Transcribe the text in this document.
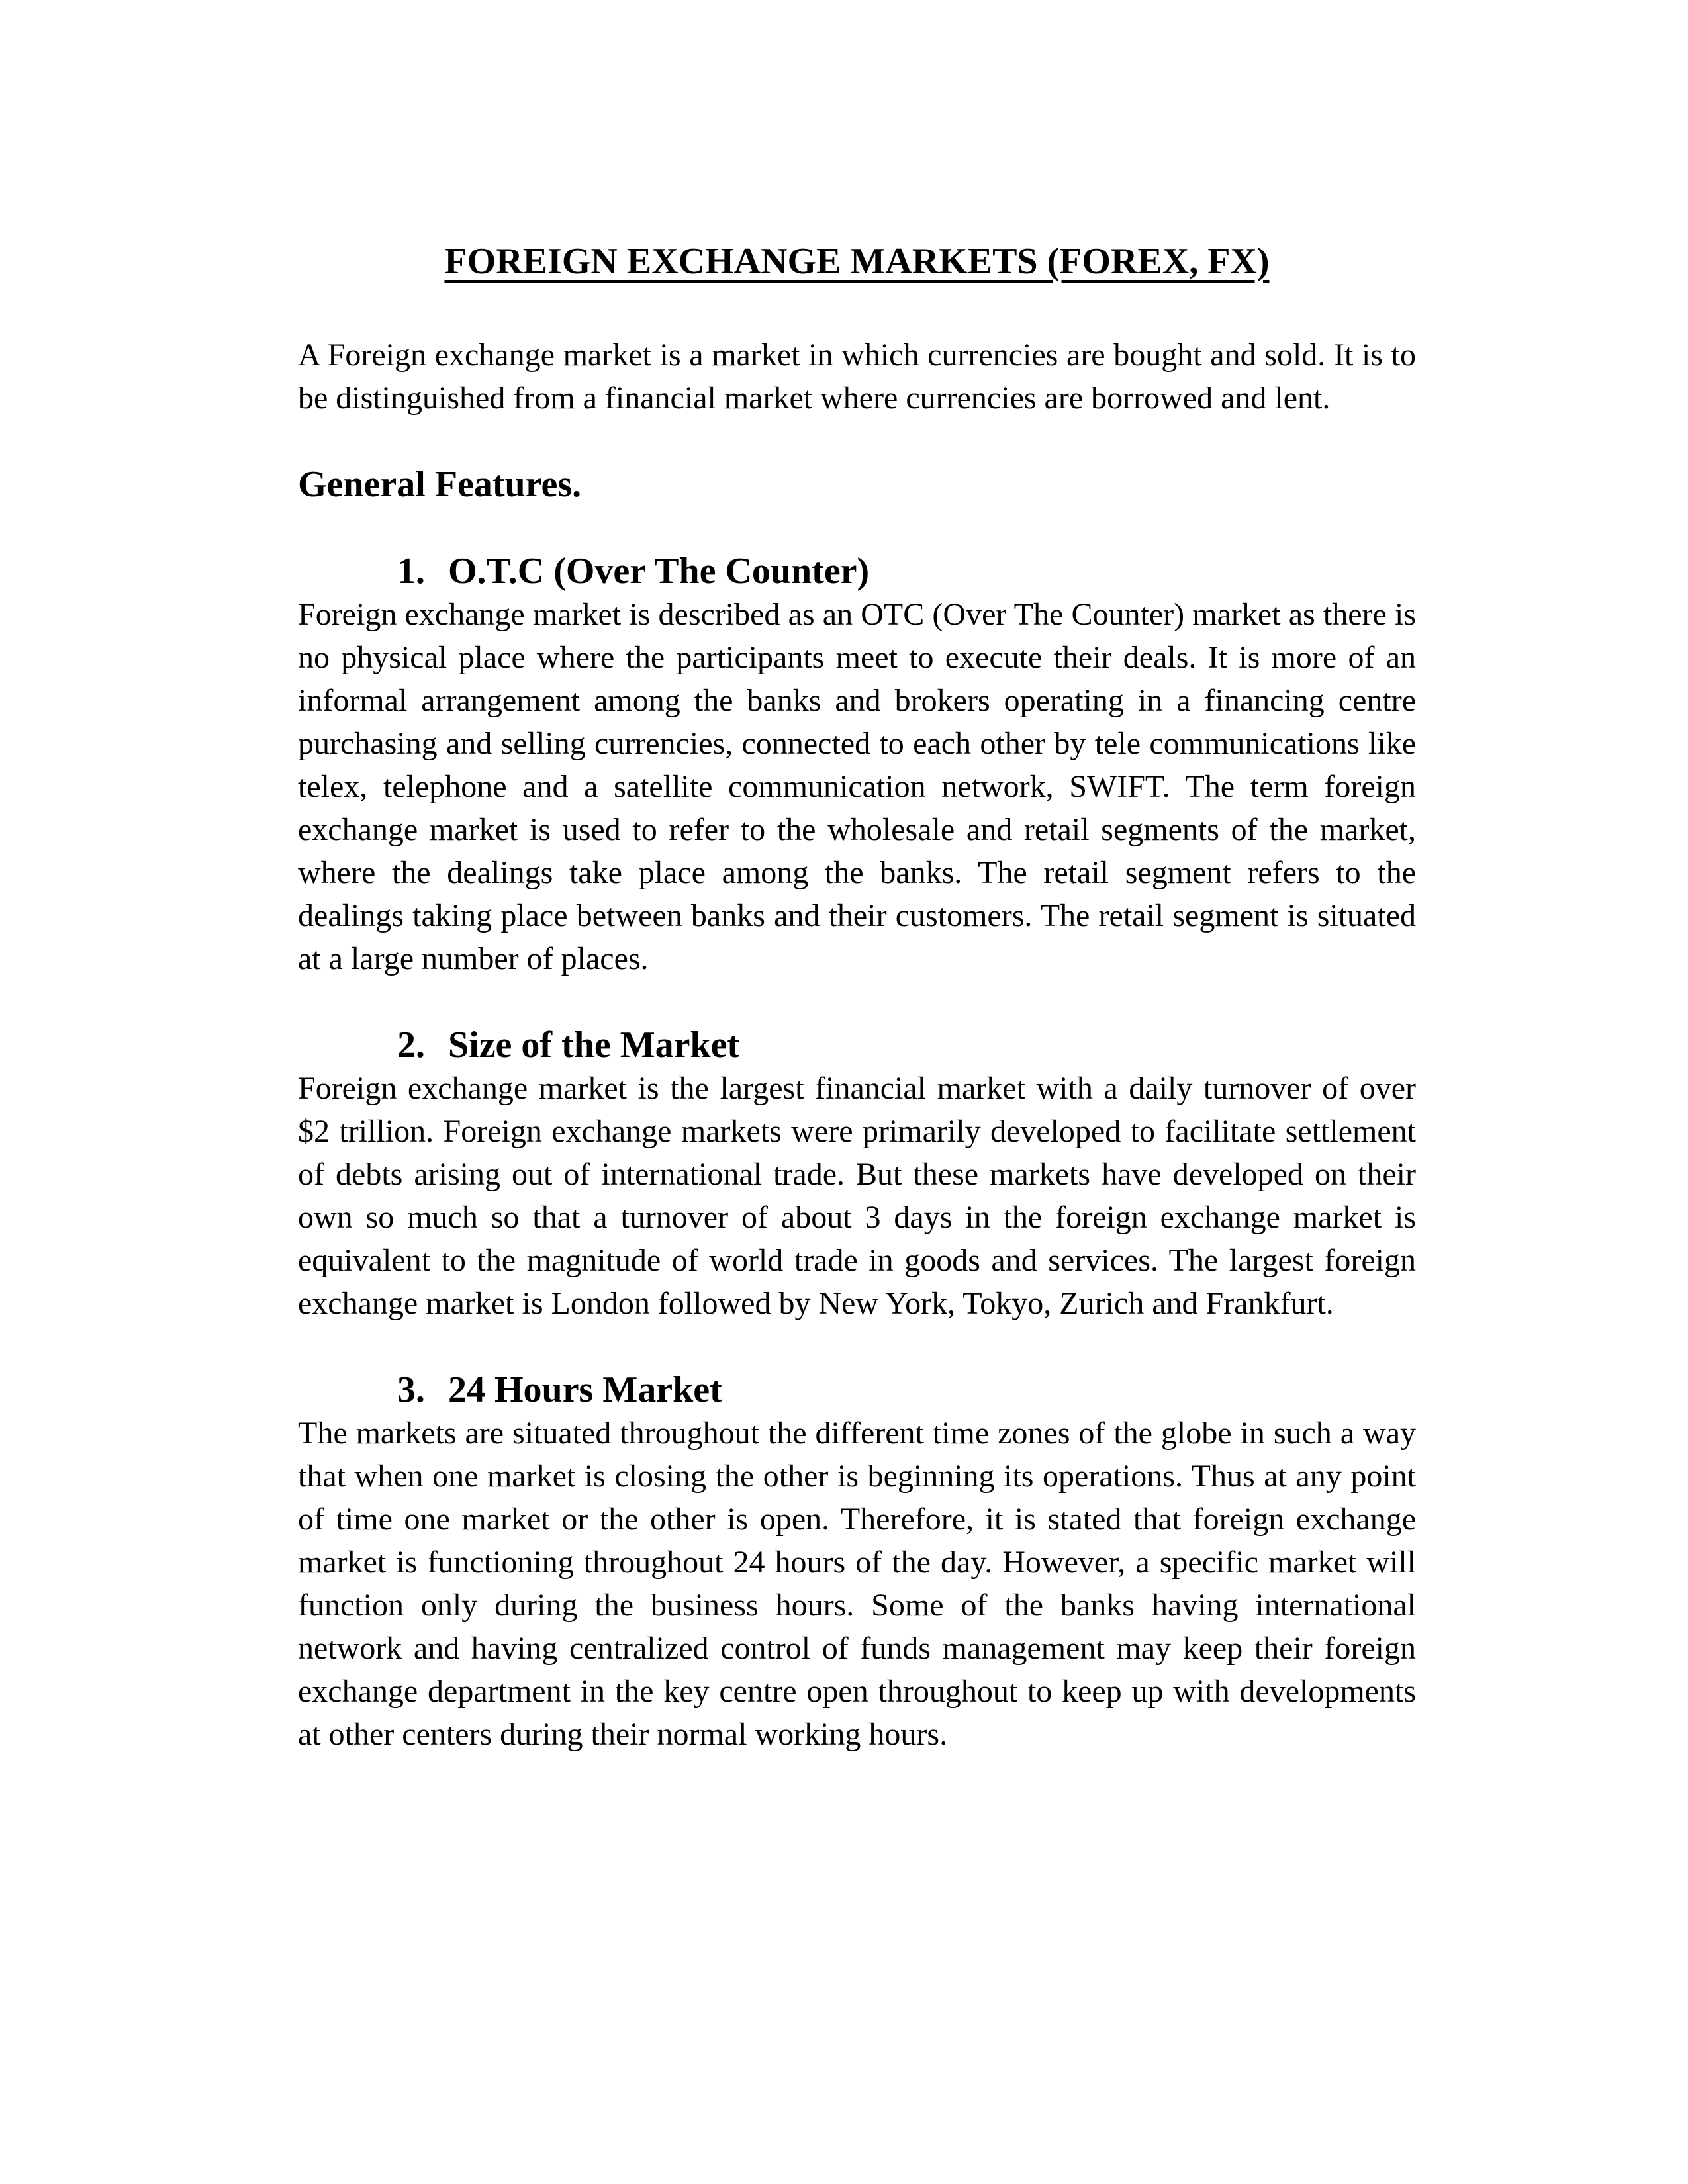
FOREIGN EXCHANGE MARKETS (FOREX, FX)

A Foreign exchange market is a market in which currencies are bought and sold. It is to be distinguished from a financial market where currencies are borrowed and lent.

General Features.
1. O.T.C (Over The Counter)

Foreign exchange market is described as an OTC (Over The Counter) market as there is no physical place where the participants meet to execute their deals. It is more of an informal arrangement among the banks and brokers operating in a financing centre purchasing and selling currencies, connected to each other by tele communications like telex, telephone and a satellite communication network, SWIFT. The term foreign exchange market is used to refer to the wholesale and retail segments of the market, where the dealings take place among the banks. The retail segment refers to the dealings taking place between banks and their customers. The retail segment is situated at a large number of places.

2. Size of the Market

Foreign exchange market is the largest financial market with a daily turnover of over $2 trillion. Foreign exchange markets were primarily developed to facilitate settlement of debts arising out of international trade. But these markets have developed on their own so much so that a turnover of about 3 days in the foreign exchange market is equivalent to the magnitude of world trade in goods and services. The largest foreign exchange market is London followed by New York, Tokyo, Zurich and Frankfurt.

3. 24 Hours Market

The markets are situated throughout the different time zones of the globe in such a way that when one market is closing the other is beginning its operations. Thus at any point of time one market or the other is open. Therefore, it is stated that foreign exchange market is functioning throughout 24 hours of the day. However, a specific market will function only during the business hours. Some of the banks having international network and having centralized control of funds management may keep their foreign exchange department in the key centre open throughout to keep up with developments at other centers during their normal working hours.
